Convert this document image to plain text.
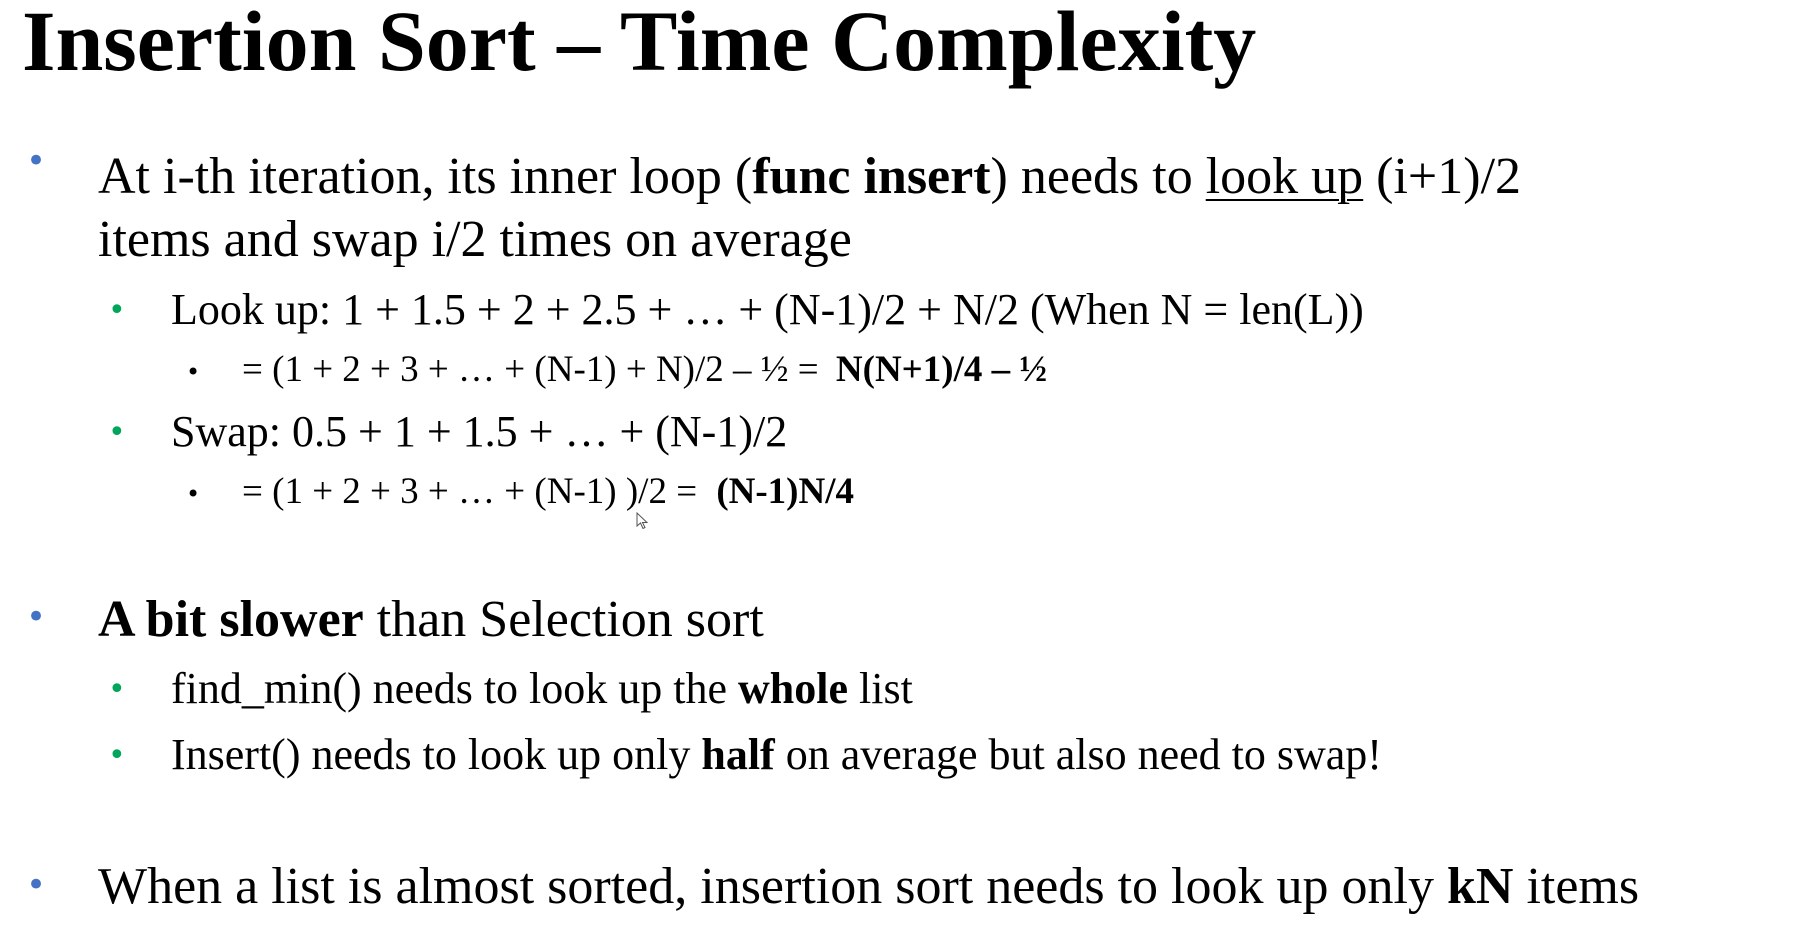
Insertion Sort – Time Complexity
• At i-th iteration, its inner loop (func insert) needs to look up (i+1)/2
items and swap i/2 times on average
• Look up: 1 + 1.5 + 2 + 2.5 + … + (N-1)/2 + N/2 (When N = len(L))
• = (1 + 2 + 3 + … + (N-1) + N)/2 – ½ = N(N+1)/4 – ½
• Swap: 0.5 + 1 + 1.5 + … + (N-1)/2
• = (1 + 2 + 3 + … + (N-1) )/2 = (N-1)N/4
• A bit slower than Selection sort
• find_min() needs to look up the whole list
• Insert() needs to look up only half on average but also need to swap!
• When a list is almost sorted, insertion sort needs to look up only kN items
